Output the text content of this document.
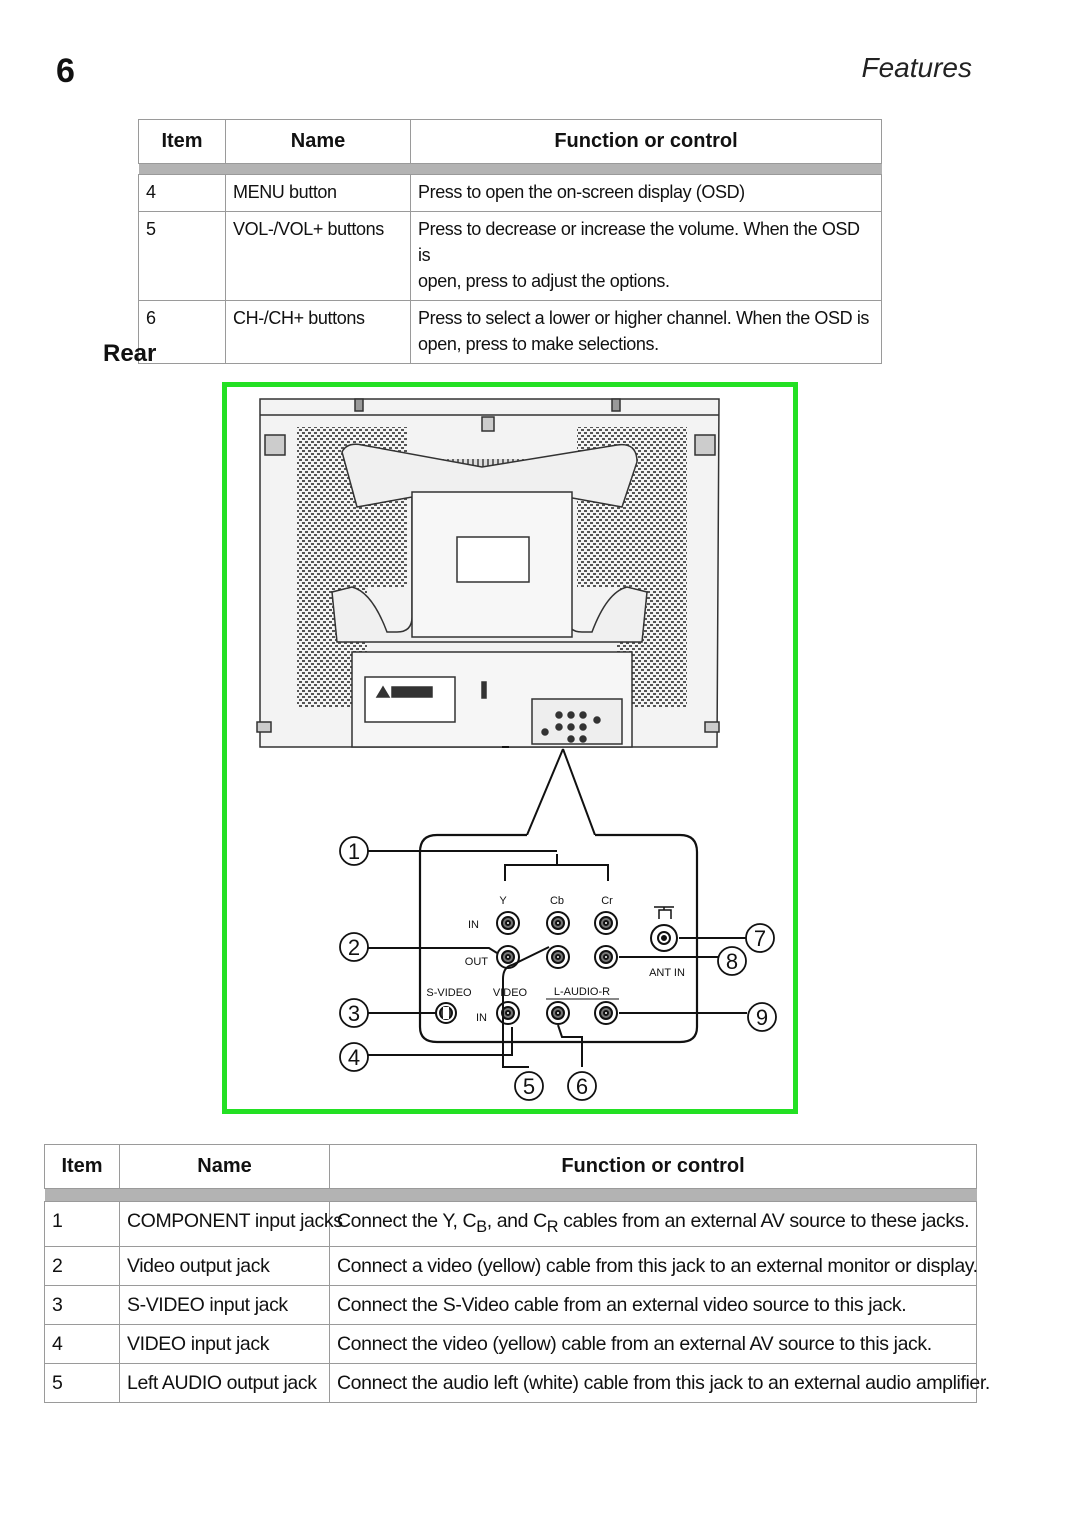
6	Features
Item	Name	Function or control

4	MENU button	Press to open the on-screen display (OSD)
5	VOL-/VOL+ buttons	Press to decrease or increase the volume. When the OSD is
open, press to adjust the options.

6	CH-/CH+ buttons	Press to select a lower or higher channel. When the OSD is
open, press to make selections.
Rear
Y	Cb	Cr
IN
OUT
ANT IN
S-VIDEO VIDEO L-AUDIO-R
IN
1
2
3
4
5 6
7
8
9
Item	Name	Function or control

1	COMPONENT input jacks	Connect the Y, $C_B$, and $C_R$ cables from an external AV source to these jacks.
2	Video output jack	Connect a video (yellow) cable from this jack to an external monitor or display.
3	S-VIDEO input jack	Connect the S-Video cable from an external video source to this jack.
4	VIDEO input jack	Connect the video (yellow) cable from an external AV source to this jack.
5	Left AUDIO output jack	Connect the audio left (white) cable from this jack to an external audio amplifier.
